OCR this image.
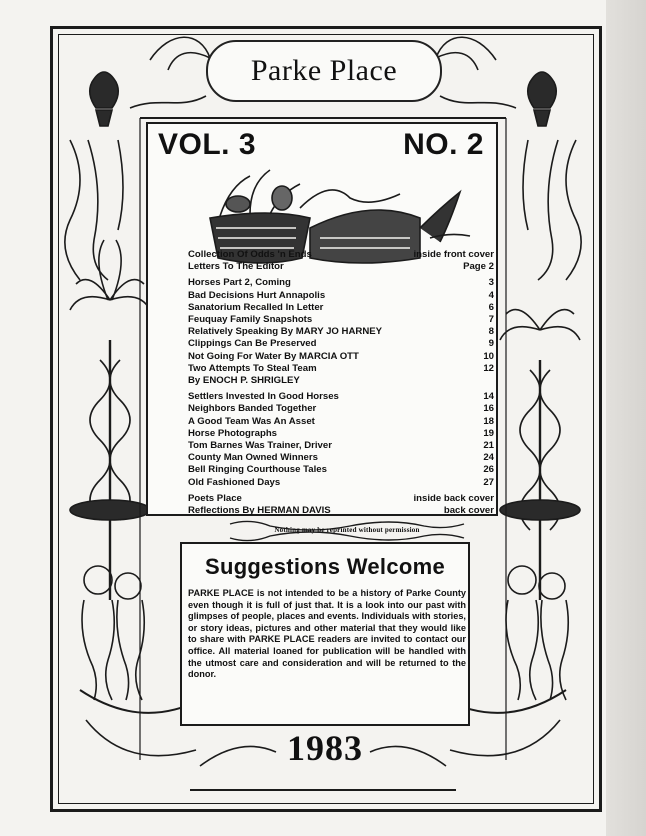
Parke Place
VOL. 3	NO. 2
Collection Of Odds 'n Ends	inside front cover
Letters To The Editor	Page 2
Horses Part 2, Coming	3
Bad Decisions Hurt Annapolis	4
Sanatorium Recalled In Letter	6
Feuquay Family Snapshots	7
Relatively Speaking By MARY JO HARNEY	8
Clippings Can Be Preserved	9
Not Going For Water By MARCIA OTT	10
Two Attempts To Steal Team	12
By ENOCH P. SHRIGLEY
Settlers Invested In Good Horses	14
Neighbors Banded Together	16
A Good Team Was An Asset	18
Horse Photographs	19
Tom Barnes Was Trainer, Driver	21
County Man Owned Winners	24
Bell Ringing Courthouse Tales	26
Old Fashioned Days	27
Poets Place	inside back cover
Reflections By HERMAN DAVIS	back cover
Nothing may be reprinted without permission
Suggestions Welcome
PARKE PLACE is not intended to be a history of Parke County even though it is full of just that. It is a look into our past with glimpses of people, places and events. Individuals with stories, or story ideas, pictures and other material that they would like to share with PARKE PLACE readers are invited to contact our office. All material loaned for publication will be handled with the utmost care and consideration and will be returned to the donor.
1983
